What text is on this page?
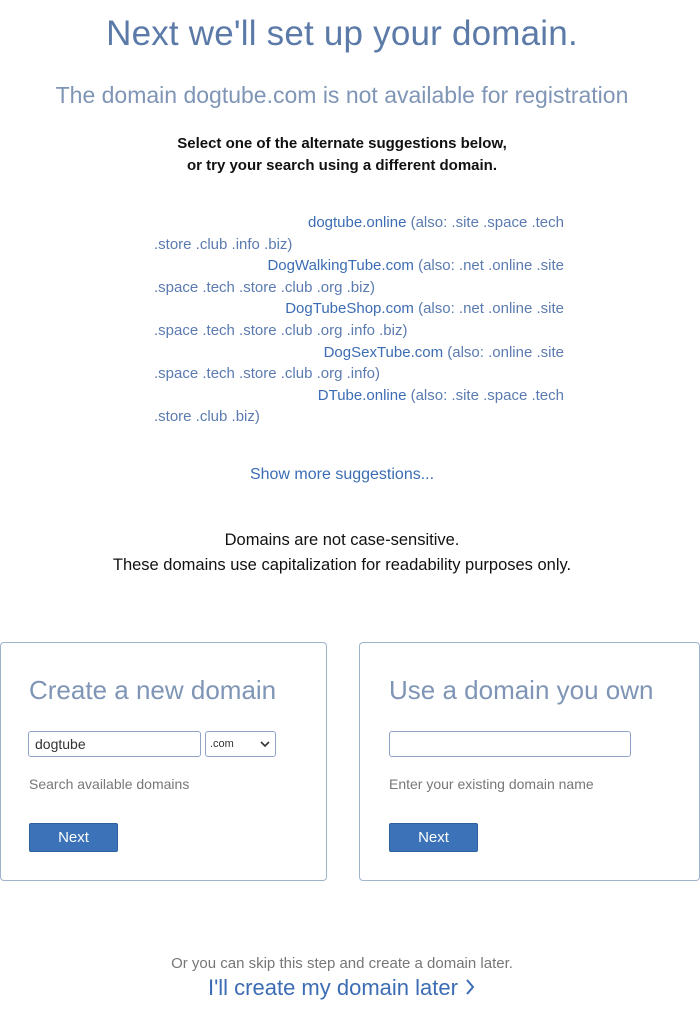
Next we'll set up your domain.

The domain dogtube.com is not available for registration

Select one of the alternate suggestions below,
or try your search using a different domain.
dogtube.online (also: .site .space .tech
.store .club .info .biz)
DogWalkingTube.com (also: .net .online .site
.space .tech .store .club .org .biz)
DogTubeShop.com (also: .net .online .site
.space .tech .store .club .org .info .biz)
DogSexTube.com (also: .online .site
.space .tech .store .club .org .info)
DTube.online (also: .site .space .tech
.store .club .biz)
Show more suggestions...
Domains are not case-sensitive.
These domains use capitalization for readability purposes only.
Create a new domain
dogtube	.com
Search available domains
Next
Use a domain you own
Enter your existing domain name
Next
Or you can skip this step and create a domain later.
I'll create my domain later
